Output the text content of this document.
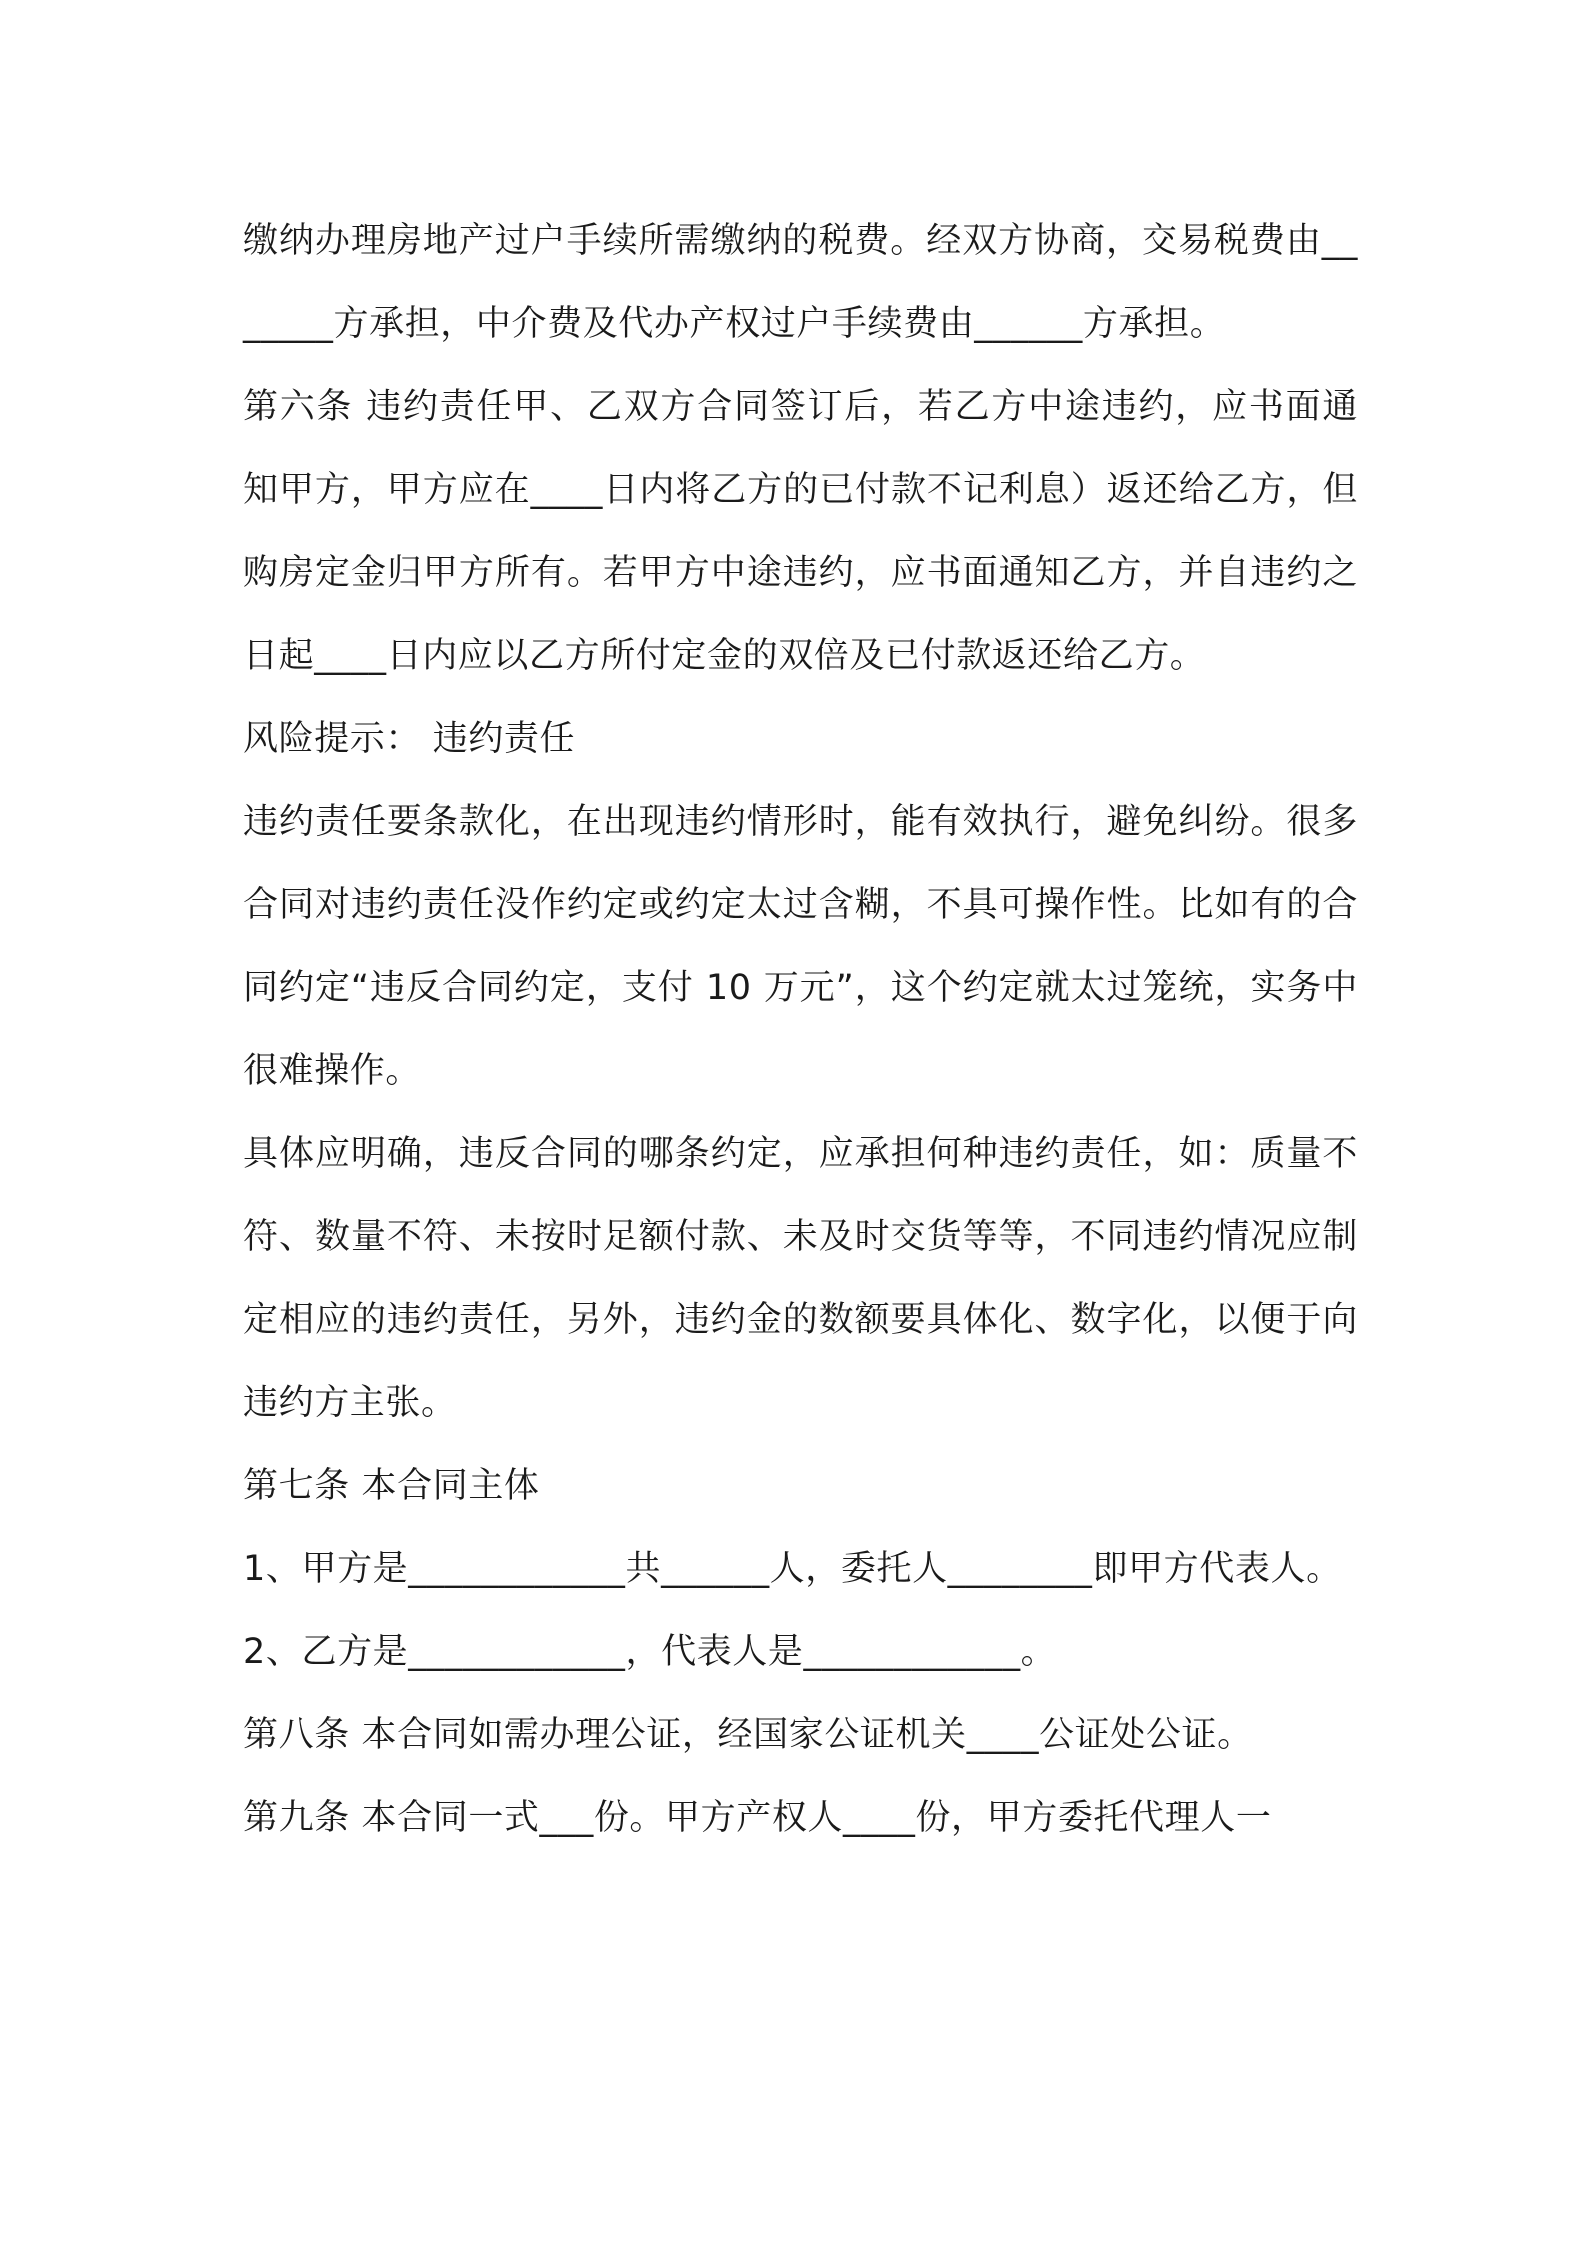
缴纳办理房地产过户手续所需缴纳的税费。经双方协商，交易税费由_______方承担，中介费及代办产权过户手续费由______方承担。

第六条 违约责任甲、乙双方合同签订后，若乙方中途违约，应书面通知甲方，甲方应在____日内将乙方的已付款不记利息）返还给乙方，但购房定金归甲方所有。若甲方中途违约，应书面通知乙方，并自违约之日起____日内应以乙方所付定金的双倍及已付款返还给乙方。

风险提示： 违约责任

违约责任要条款化，在出现违约情形时，能有效执行，避免纠纷。很多合同对违约责任没作约定或约定太过含糊，不具可操作性。比如有的合同约定“违反合同约定，支付 10 万元”，这个约定就太过笼统，实务中很难操作。

具体应明确，违反合同的哪条约定，应承担何种违约责任，如：质量不符、数量不符、未按时足额付款、未及时交货等等，不同违约情况应制定相应的违约责任，另外，违约金的数额要具体化、数字化，以便于向违约方主张。

第七条 本合同主体

1、甲方是____________共______人，委托人________即甲方代表人。

2、乙方是____________，代表人是____________。

第八条 本合同如需办理公证，经国家公证机关____公证处公证。

第九条 本合同一式___份。甲方产权人____份，甲方委托代理人一
